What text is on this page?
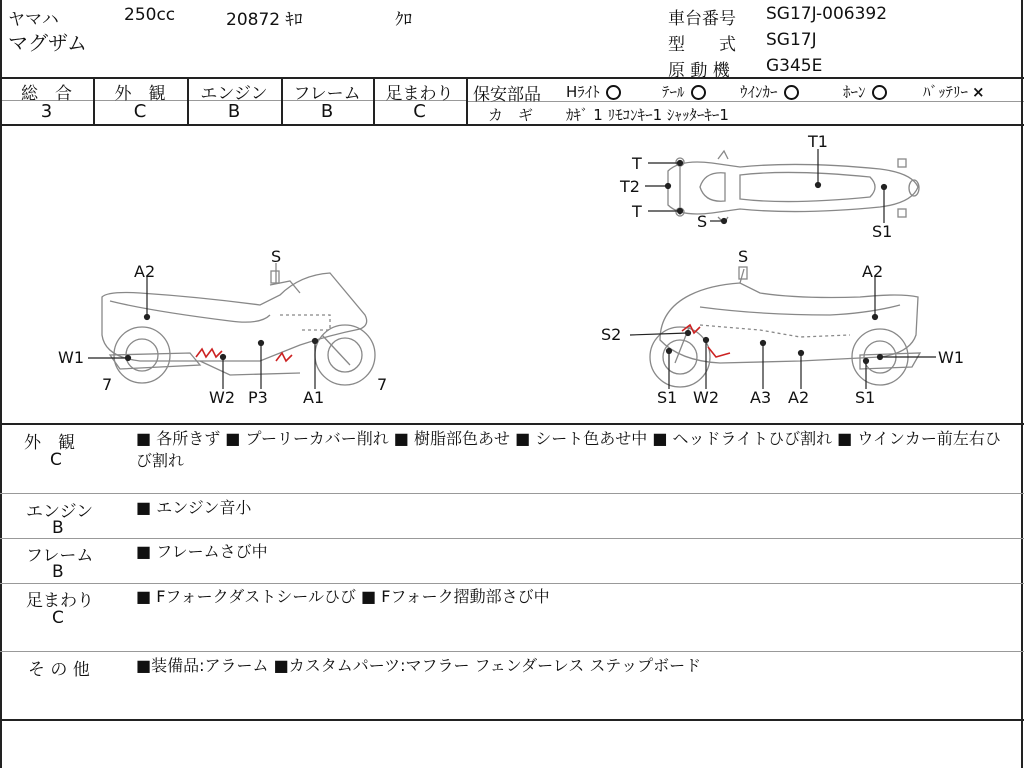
ヤマハ	250cc	20872 ｷﾛ	ｸﾛ
マグザム
車台番号 SG17J-006392
型　　式 SG17J
原 動 機 G345E
総　合	外　観	エンジン	フレーム	足まわり
3	C	B	B	C
保安部品 Hﾗｲﾄ	ﾃｰﾙ	ｳｲﾝｶｰ	ﾎｰﾝ	ﾊﾞｯﾃﾘｰ ×
カ　ギ ｶｷﾞ 1 ﾘﾓｺﾝｷｰ1 ｼｬｯﾀｰｷｰ1
T1
T
T2
T
S
S1
A2
S
W1
7
W2 P3 A1
7
S
A2
S2
W1
S1 W2 A3 A2	S1
外　観
C
■ 各所きず ■ プーリーカバー削れ ■ 樹脂部色あせ ■ シート色あせ中 ■ ヘッドライトひび割れ ■ ウインカー前左右ひび割れ
エンジン
B
■ エンジン音小
フレーム
B
■ フレームさび中
足まわり
C
■ Fフォークダストシールひび ■ Fフォーク摺動部さび中
そ の 他	■装備品:アラーム ■カスタムパーツ:マフラー フェンダーレス ステップボード
